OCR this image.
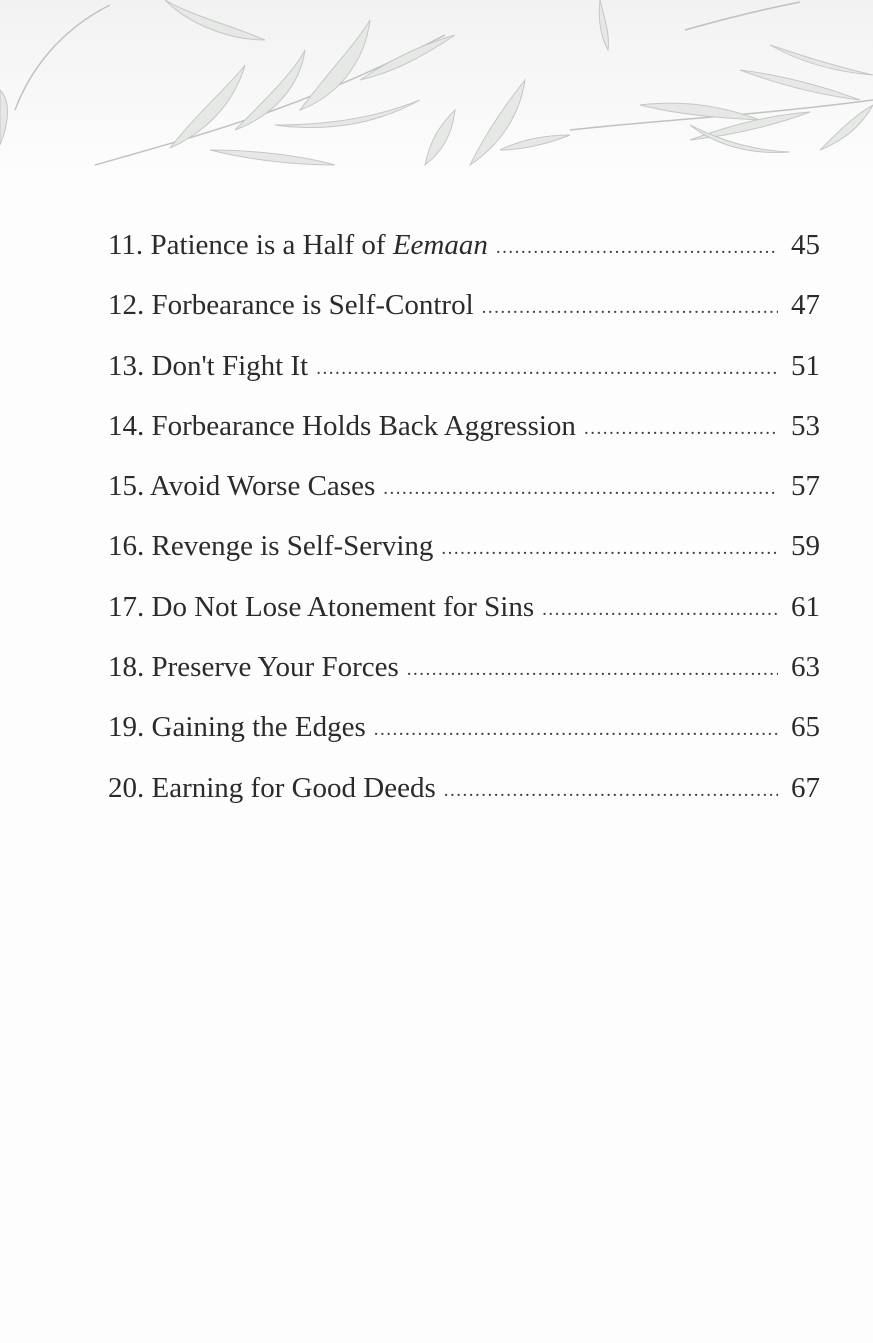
11. Patience is a Half of Eemaan .....	45
12. Forbearance is Self-Control .....	47
13. Don't Fight It .....	51
14. Forbearance Holds Back Aggression .....	53
15. Avoid Worse Cases .....	57
16. Revenge is Self-Serving .....	59
17. Do Not Lose Atonement for Sins .....	61
18. Preserve Your Forces .....	63
19. Gaining the Edges .....	65
20. Earning for Good Deeds .....	67
